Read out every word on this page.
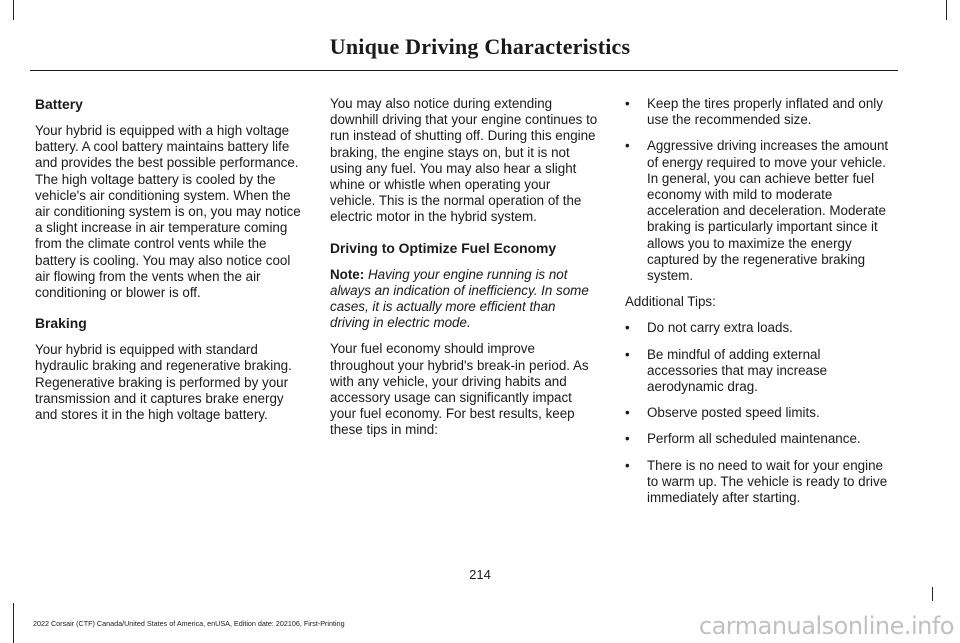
Unique Driving Characteristics
Battery

Your hybrid is equipped with a high voltage battery. A cool battery maintains battery life and provides the best possible performance. The high voltage battery is cooled by the vehicle's air conditioning system. When the air conditioning system is on, you may notice a slight increase in air temperature coming from the climate control vents while the battery is cooling. You may also notice cool air flowing from the vents when the air conditioning or blower is off.

Braking

Your hybrid is equipped with standard hydraulic braking and regenerative braking. Regenerative braking is performed by your transmission and it captures brake energy and stores it in the high voltage battery.

You may also notice during extending downhill driving that your engine continues to run instead of shutting off. During this engine braking, the engine stays on, but it is not using any fuel. You may also hear a slight whine or whistle when operating your vehicle. This is the normal operation of the electric motor in the hybrid system.

Driving to Optimize Fuel Economy

Note: Having your engine running is not always an indication of inefficiency. In some cases, it is actually more efficient than driving in electric mode.

Your fuel economy should improve throughout your hybrid's break-in period. As with any vehicle, your driving habits and accessory usage can significantly impact your fuel economy. For best results, keep these tips in mind:

• Keep the tires properly inflated and only use the recommended size.
• Aggressive driving increases the amount of energy required to move your vehicle. In general, you can achieve better fuel economy with mild to moderate acceleration and deceleration. Moderate braking is particularly important since it allows you to maximize the energy captured by the regenerative braking system.

Additional Tips:

• Do not carry extra loads.
• Be mindful of adding external accessories that may increase aerodynamic drag.
• Observe posted speed limits.
• Perform all scheduled maintenance.
• There is no need to wait for your engine to warm up. The vehicle is ready to drive immediately after starting.
214
2022 Corsair (CTF) Canada/United States of America, enUSA, Edition date: 202106, First-Printing	carmanualsonline.info
